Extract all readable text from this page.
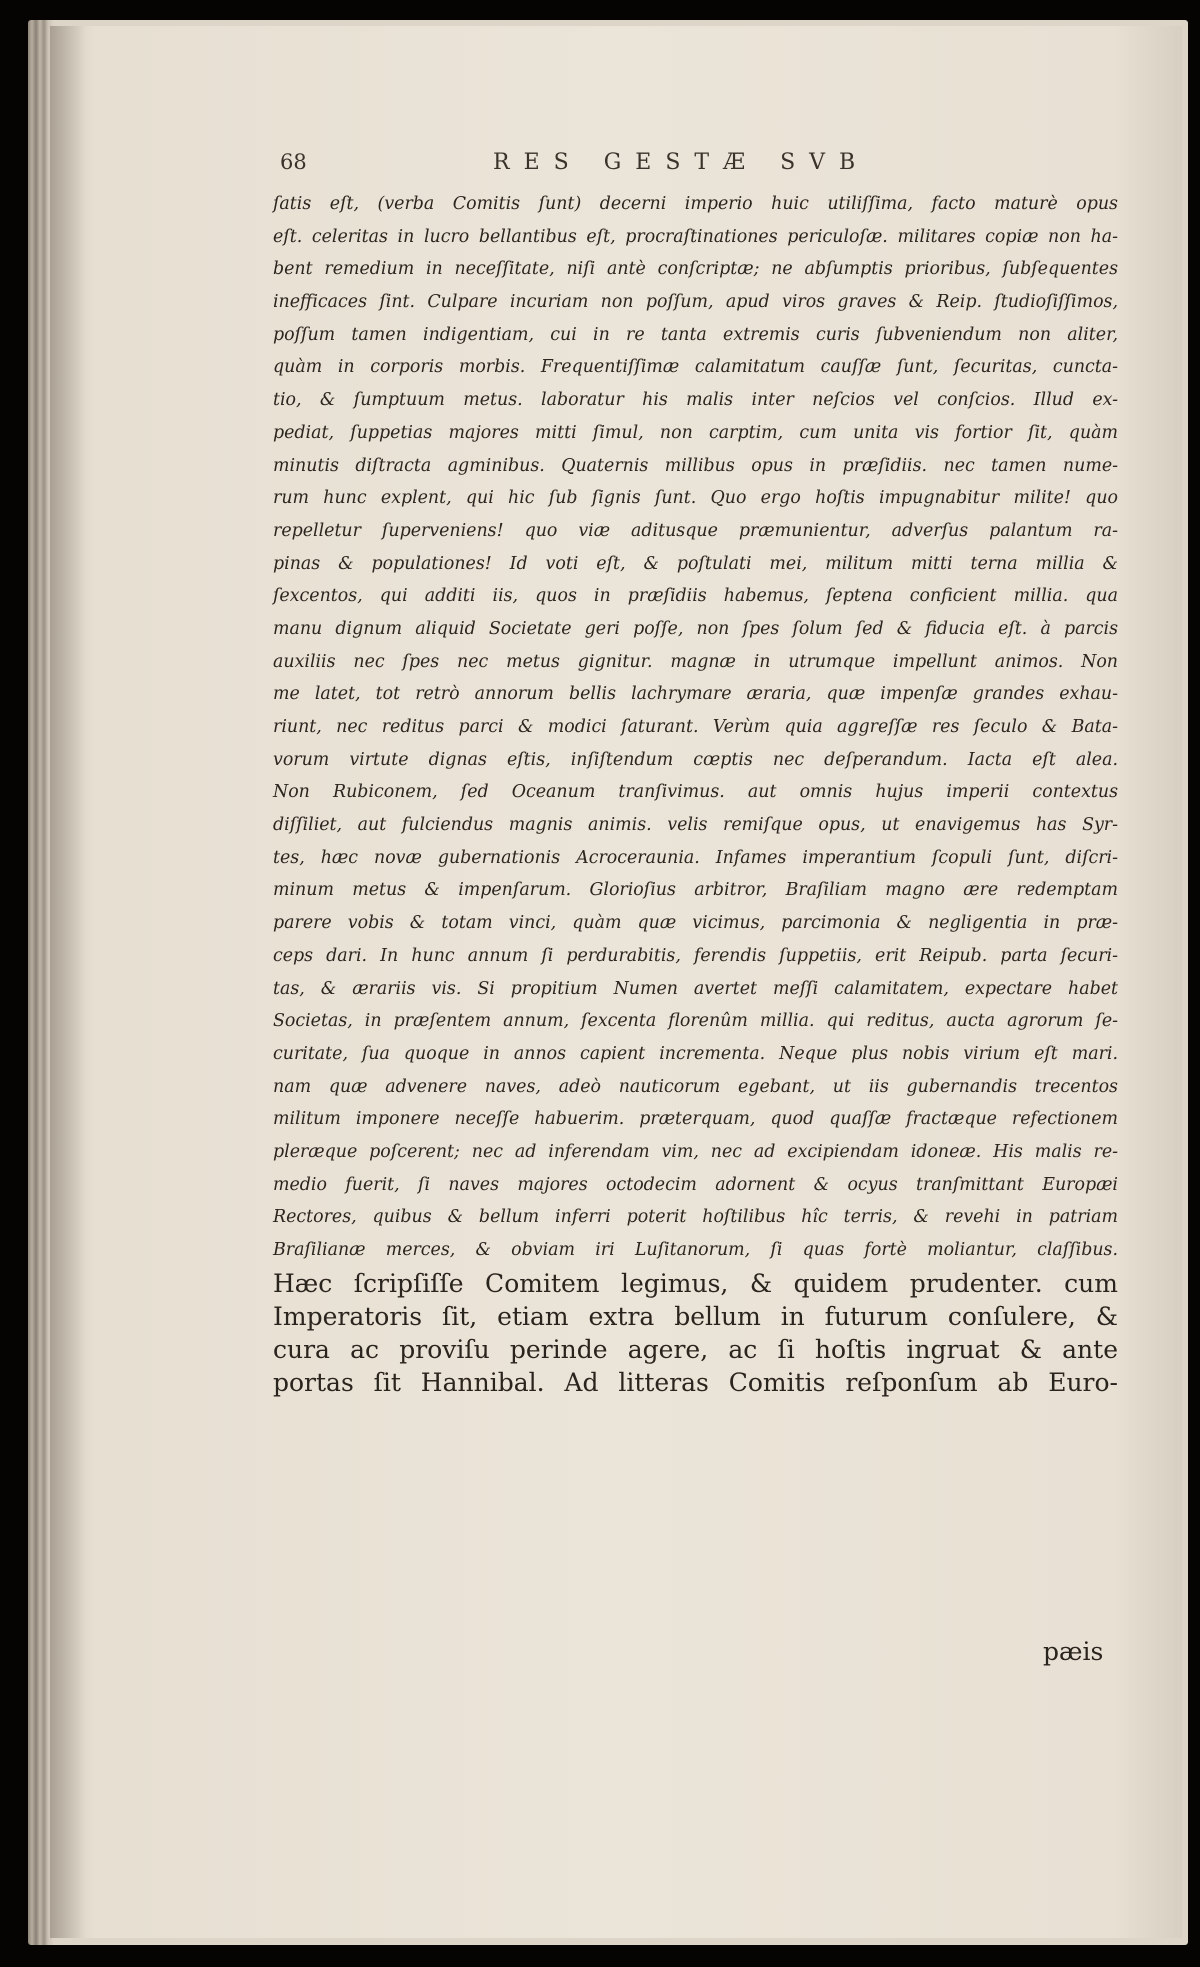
68	RES GESTÆ SVB
ſatis eſt, (verba Comitis ſunt) decerni imperio huic utiliſſima, facto maturè opus
eſt. celeritas in lucro bellantibus eſt, procraſtinationes periculoſæ. militares copiæ non ha-
bent remedium in neceſſitate, niſi antè conſcriptæ; ne abſumptis prioribus, ſubſequentes
inefficaces ſint. Culpare incuriam non poſſum, apud viros graves & Reip. ſtudioſiſſimos,
poſſum tamen indigentiam, cui in re tanta extremis curis ſubveniendum non aliter,
quàm in corporis morbis. Frequentiſſimæ calamitatum cauſſæ ſunt, ſecuritas, cuncta-
tio, & ſumptuum metus. laboratur his malis inter neſcios vel conſcios. Illud ex-
pediat, ſuppetias majores mitti ſimul, non carptim, cum unita vis fortior ſit, quàm
minutis diſtracta agminibus. Quaternis millibus opus in præſidiis. nec tamen nume-
rum hunc explent, qui hic ſub ſignis ſunt. Quo ergo hoſtis impugnabitur milite! quo
repelletur ſuperveniens! quo viæ aditusque præmunientur, adverſus palantum ra-
pinas & populationes! Id voti eſt, & poſtulati mei, militum mitti terna millia &
ſexcentos, qui additi iis, quos in præſidiis habemus, ſeptena conficient millia. qua
manu dignum aliquid Societate geri poſſe, non ſpes ſolum ſed & fiducia eſt. à parcis
auxiliis nec ſpes nec metus gignitur. magnæ in utrumque impellunt animos. Non
me latet, tot retrò annorum bellis lachrymare æraria, quæ impenſæ grandes exhau-
riunt, nec reditus parci & modici ſaturant. Verùm quia aggreſſæ res ſeculo & Bata-
vorum virtute dignas eſtis, inſiſtendum cœptis nec deſperandum. Iacta eſt alea.
Non Rubiconem, ſed Oceanum tranſivimus. aut omnis hujus imperii contextus
diſſiliet, aut fulciendus magnis animis. velis remiſque opus, ut enavigemus has Syr-
tes, hæc novæ gubernationis Acroceraunia. Infames imperantium ſcopuli ſunt, diſcri-
minum metus & impenſarum. Glorioſius arbitror, Braſiliam magno ære redemptam
parere vobis & totam vinci, quàm quæ vicimus, parcimonia & negligentia in præ-
ceps dari. In hunc annum ſi perdurabitis, ferendis ſuppetiis, erit Reipub. parta ſecuri-
tas, & ærariis vis. Si propitium Numen avertet meſſi calamitatem, expectare habet
Societas, in præſentem annum, ſexcenta florenûm millia. qui reditus, aucta agrorum ſe-
curitate, ſua quoque in annos capient incrementa. Neque plus nobis virium eſt mari.
nam quæ advenere naves, adeò nauticorum egebant, ut iis gubernandis trecentos
militum imponere neceſſe habuerim. præterquam, quod quaſſæ fractæque refectionem
pleræque poſcerent; nec ad inferendam vim, nec ad excipiendam idoneæ. His malis re-
medio fuerit, ſi naves majores octodecim adornent & ocyus tranſmittant Europæi
Rectores, quibus & bellum inferri poterit hoſtilibus hîc terris, & revehi in patriam
Braſilianæ merces, & obviam iri Luſitanorum, ſi quas fortè moliantur, claſſibus.
Hæc ſcripſiſſe Comitem legimus, & quidem prudenter. cum
Imperatoris ſit, etiam extra bellum in futurum conſulere, &
cura ac proviſu perinde agere, ac ſi hoſtis ingruat & ante
portas ſit Hannibal. Ad litteras Comitis reſponſum ab Euro-
pæis
